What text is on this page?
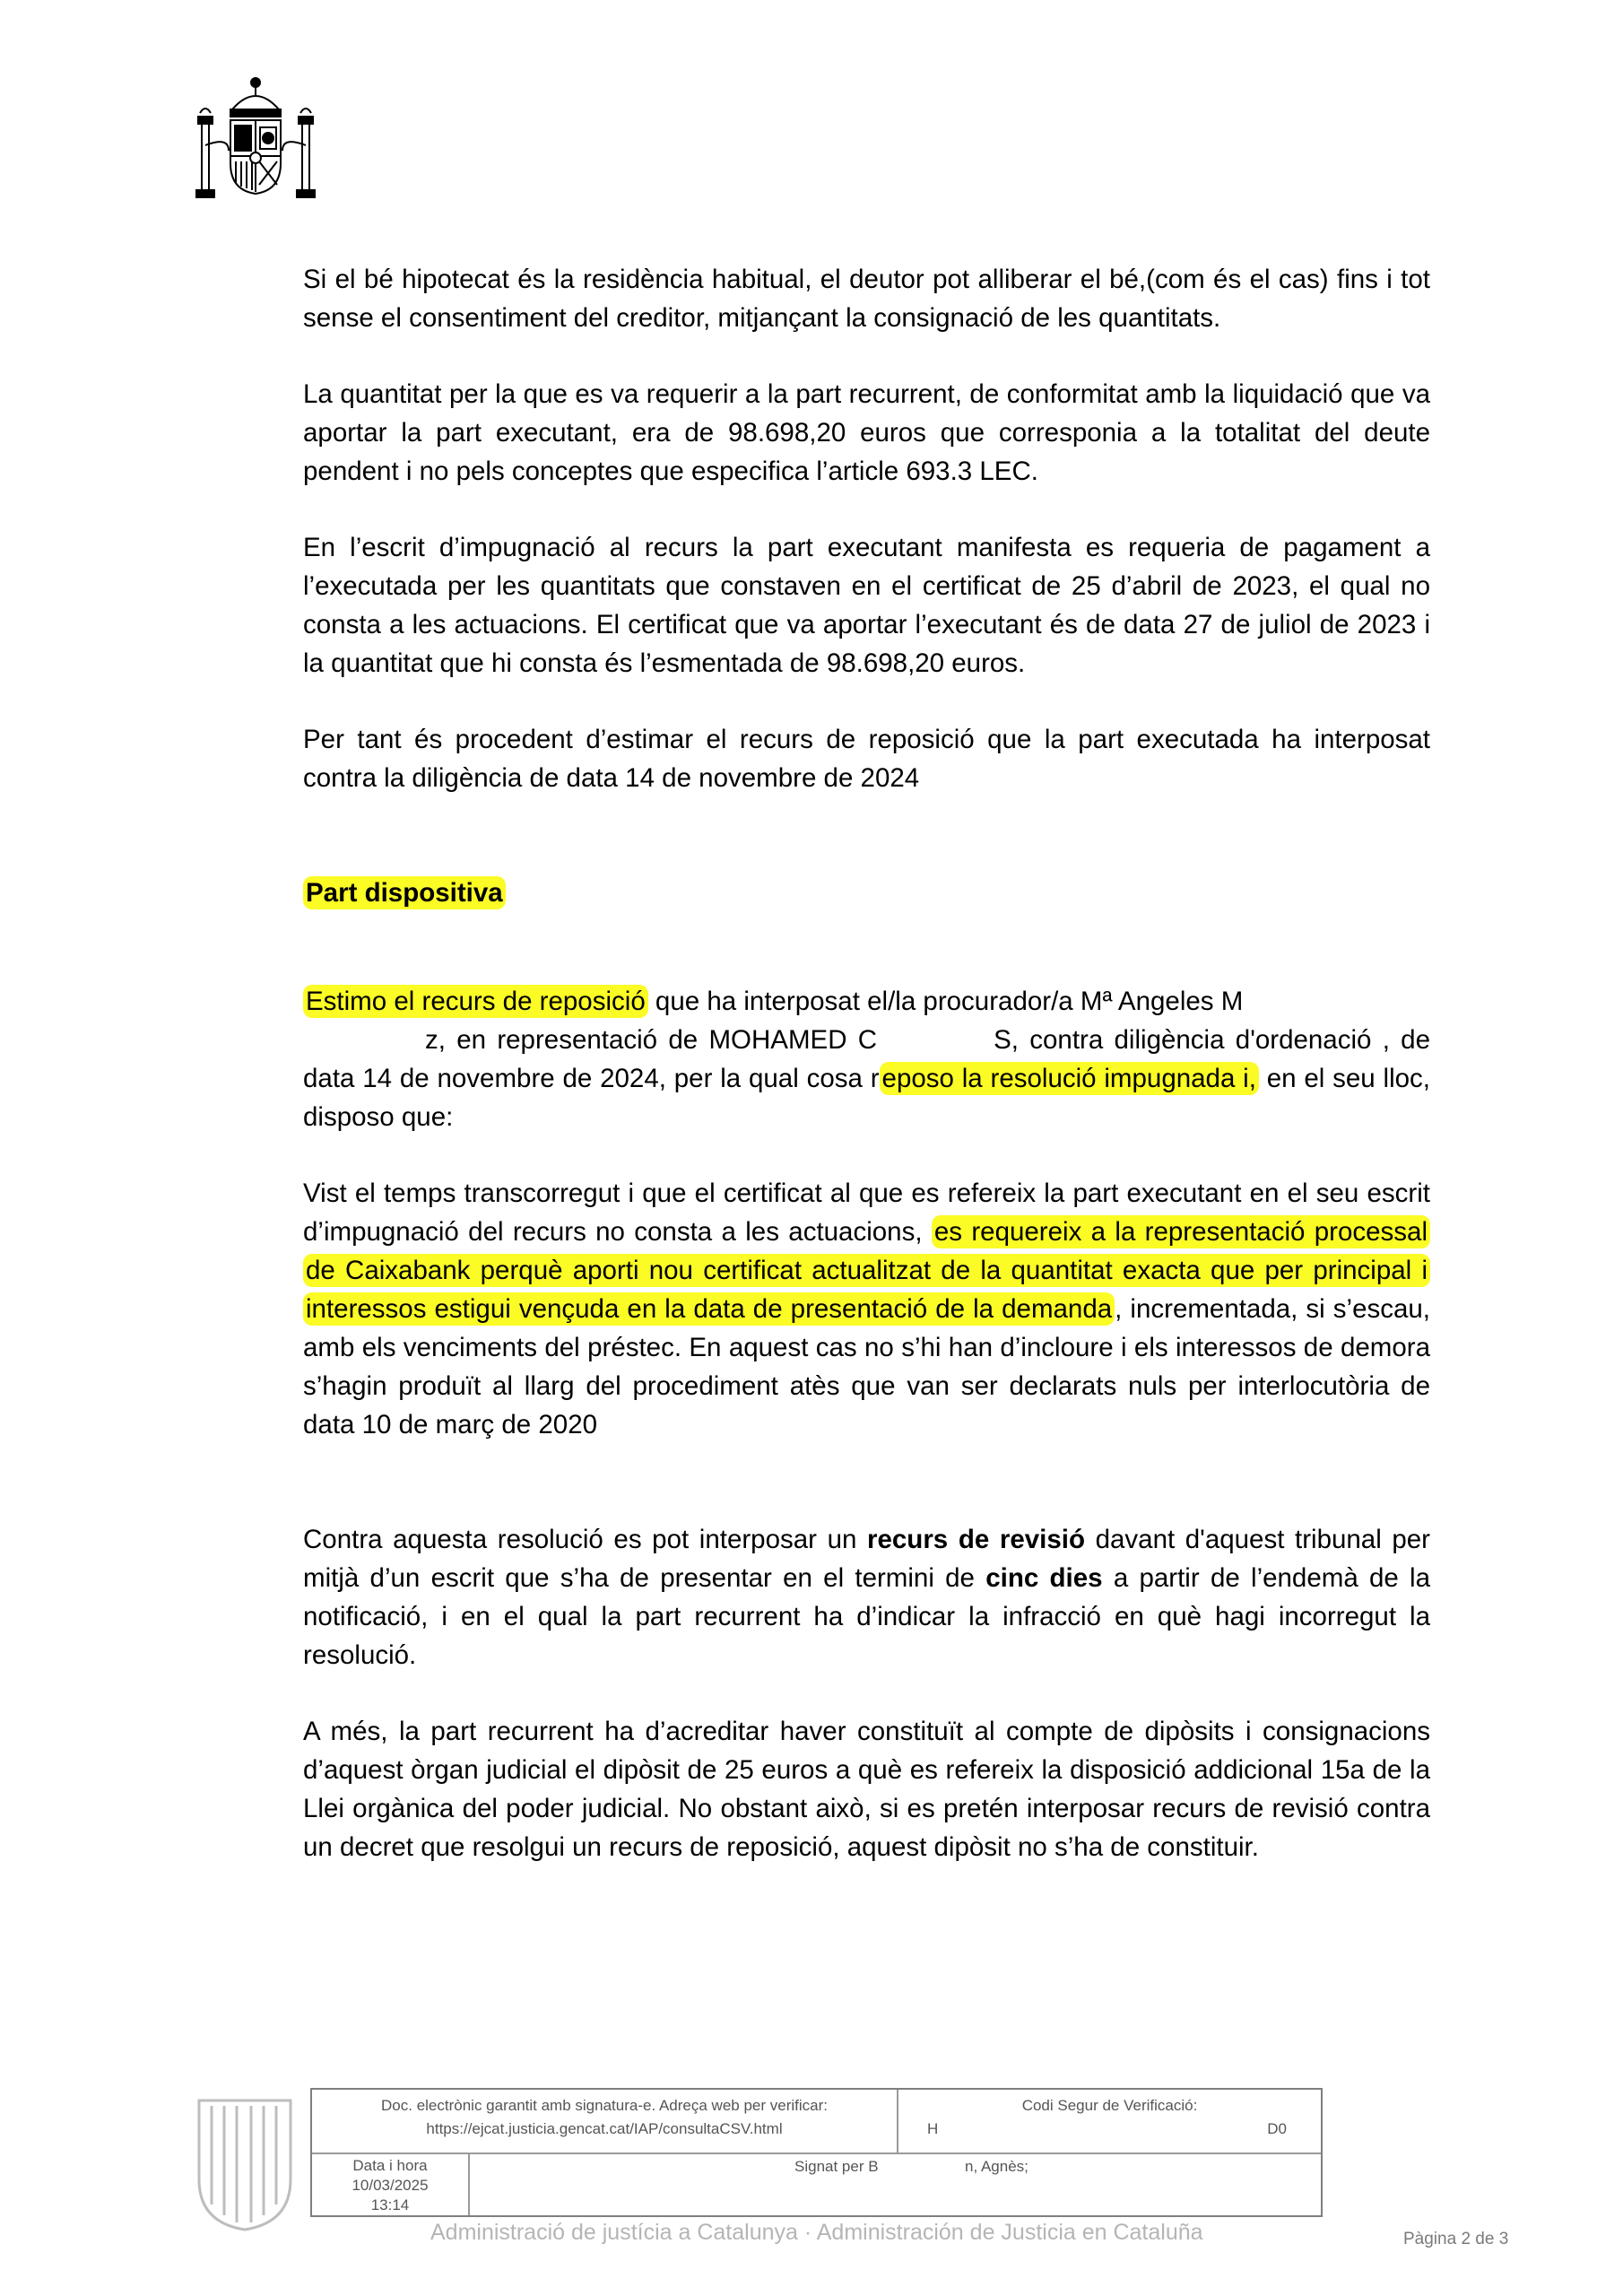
Si el bé hipotecat és la residència habitual, el deutor pot alliberar el bé,(com és el cas) fins i tot sense el consentiment del creditor, mitjançant la consignació de les quantitats.

La quantitat per la que es va requerir a la part recurrent, de conformitat amb la liquidació que va aportar la part executant, era de 98.698,20 euros que corresponia a la totalitat del deute pendent i no pels conceptes que especifica l’article 693.3 LEC.

En l’escrit d’impugnació al recurs la part executant manifesta es requeria de pagament a l’executada per les quantitats que constaven en el certificat de 25 d’abril de 2023, el qual no consta a les actuacions. El certificat que va aportar l’executant és de data 27 de juliol de 2023 i la quantitat que hi consta és l’esmentada de 98.698,20 euros.

Per tant és procedent d’estimar el recurs de reposició que la part executada ha interposat contra la diligència de data 14 de novembre de 2024

Part dispositiva

Estimo el recurs de reposició que ha interposat el/la procurador/a Mª Angeles M
z, en representació de MOHAMED C	S, contra diligència d'ordenació , de data 14 de novembre de 2024, per la qual cosa r eposo la resolució impugnada i, en el seu lloc, disposo que:

Vist el temps transcorregut i que el certificat al que es refereix la part executant en el seu escrit d’impugnació del recurs no consta a les actuacions, es requereix a la representació processal de Caixabank perquè aporti nou certificat actualitzat de la quantitat exacta que per principal i interessos estigui vençuda en la data de presentació de la demanda , incrementada, si s’escau, amb els venciments del préstec. En aquest cas no s’hi han d’incloure i els interessos de demora s’hagin produït al llarg del procediment atès que van ser declarats nuls per interlocutòria de data 10 de març de 2020

Contra aquesta resolució es pot interposar un recurs de revisió davant d'aquest tribunal per mitjà d’un escrit que s’ha de presentar en el termini de cinc dies a partir de l’endemà de la notificació, i en el qual la part recurrent ha d’indicar la infracció en què hagi incorregut la resolució.

A més, la part recurrent ha d’acreditar haver constituït al compte de dipòsits i consignacions d’aquest òrgan judicial el dipòsit de 25 euros a què es refereix la disposició addicional 15a de la Llei orgànica del poder judicial. No obstant això, si es pretén interposar recurs de revisió contra un decret que resolgui un recurs de reposició, aquest dipòsit no s’ha de constituir.

Doc. electrònic garantit amb signatura-e. Adreça web per verificar:
https://ejcat.justicia.gencat.cat/IAP/consultaCSV.html
Codi Segur de Verificació:
H	D0
Data i hora
10/03/2025
13:14
Signat per B	n, Agnès;
Administració de justícia a Catalunya · Administración de Justicia en Cataluña	Pàgina 2 de 3
